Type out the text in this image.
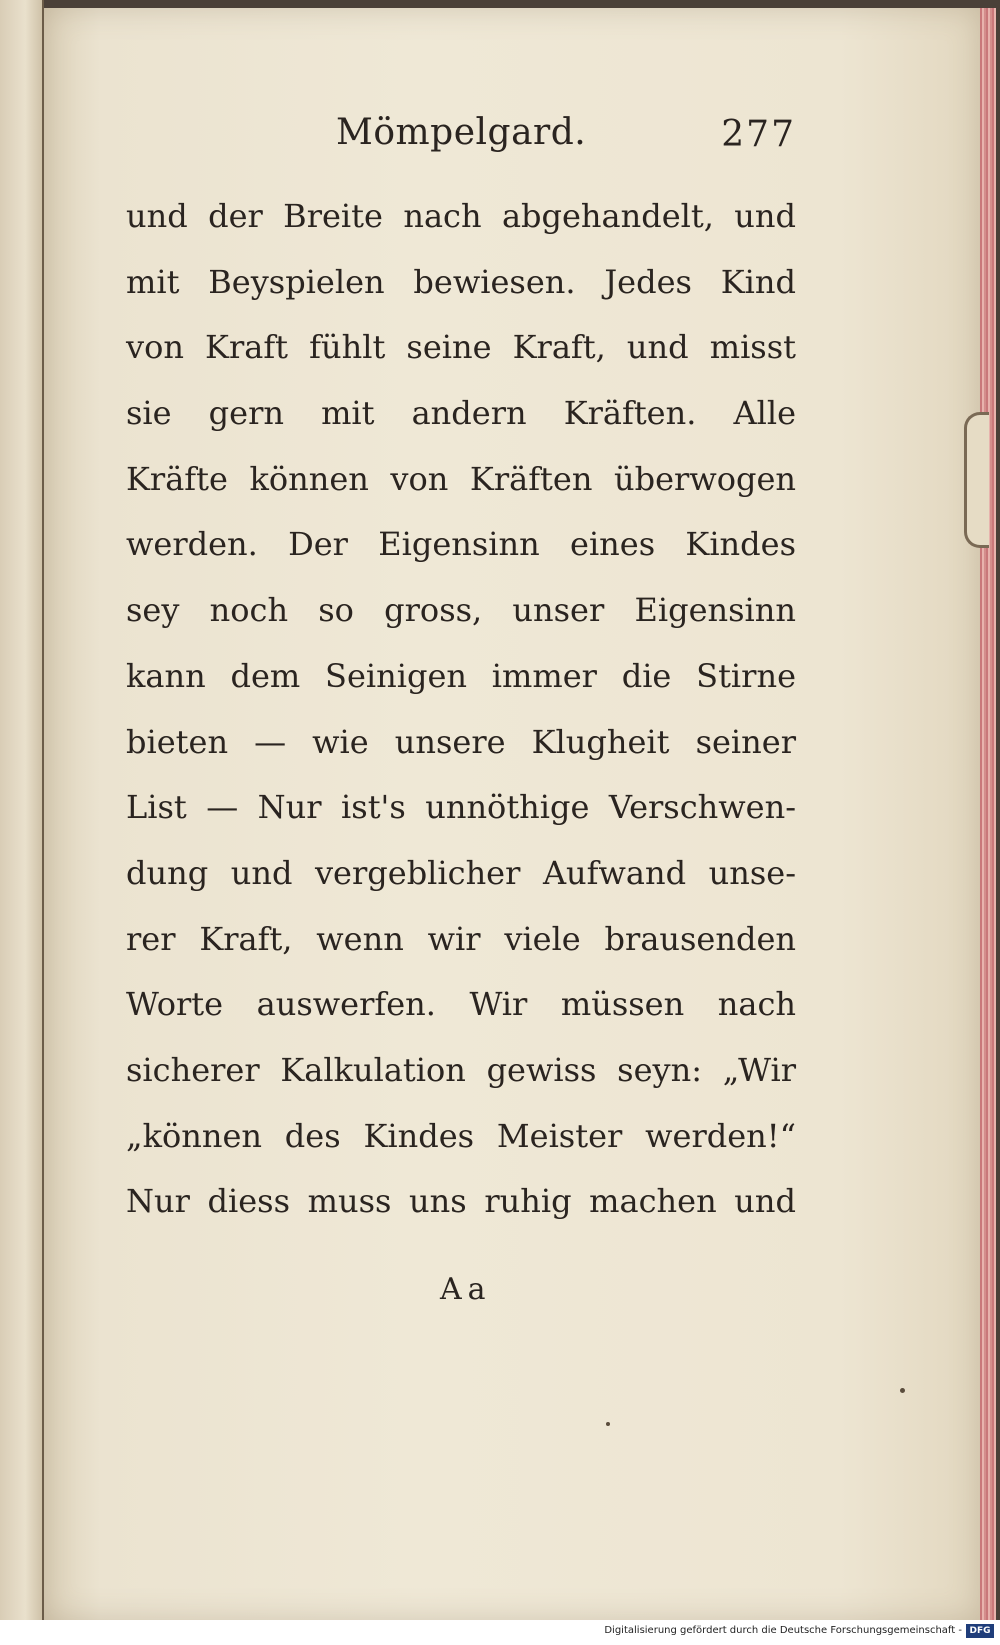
Mömpelgard.	277
und der Breite nach abgehandelt, und
mit Beyspielen bewiesen. Jedes Kind
von Kraft fühlt seine Kraft, und misst
sie gern mit andern Kräften. Alle
Kräfte können von Kräften überwogen
werden. Der Eigensinn eines Kindes
sey noch so gross, unser Eigensinn
kann dem Seinigen immer die Stirne
bieten — wie unsere Klugheit seiner
List — Nur ist's unnöthige Verschwen-
dung und vergeblicher Aufwand unse-
rer Kraft, wenn wir viele brausenden
Worte auswerfen. Wir müssen nach
sicherer Kalkulation gewiss seyn: „Wir
„können des Kindes Meister werden!“
Nur diess muss uns ruhig machen und
Aa
Digitalisierung gefördert durch die Deutsche Forschungsgemeinschaft - DFG
